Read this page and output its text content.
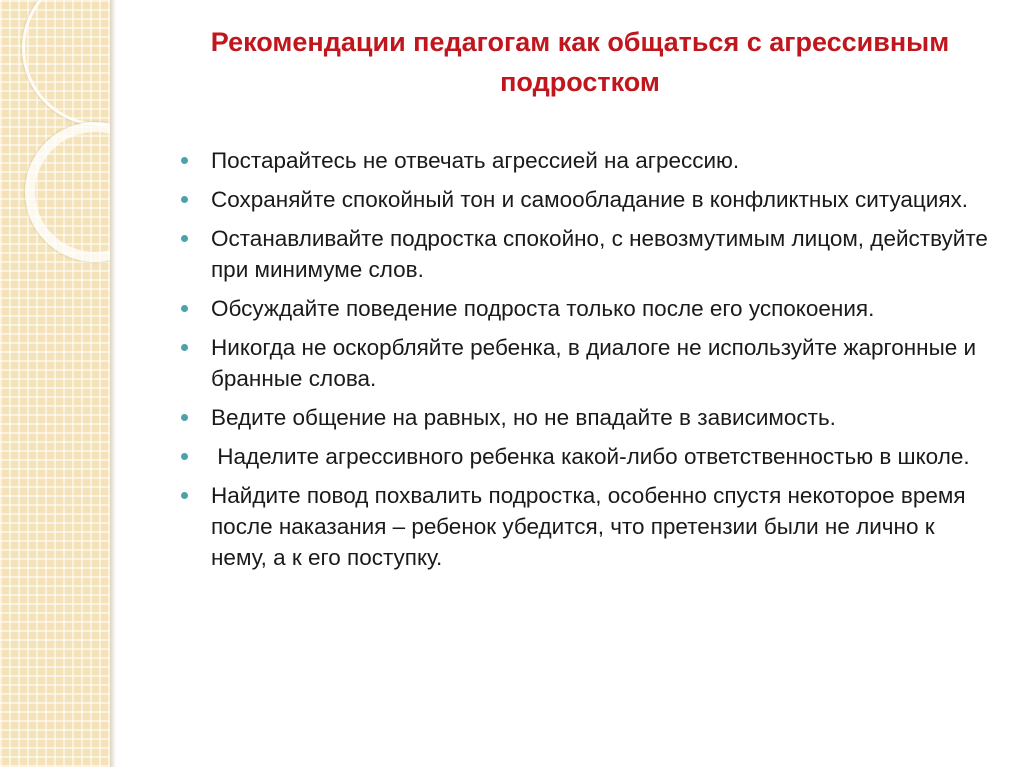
Рекомендации педагогам как общаться с агрессивным подростком
Постарайтесь не отвечать агрессией на агрессию.
Сохраняйте спокойный тон и самообладание в конфликтных ситуациях.
Останавливайте подростка спокойно, с невозмутимым лицом, действуйте при минимуме слов.
Обсуждайте поведение подроста только после его успокоения.
Никогда не оскорбляйте ребенка, в диалоге не используйте жаргонные и бранные слова.
Ведите общение на равных, но не впадайте в зависимость.
Наделите агрессивного ребенка какой-либо ответственностью в школе.
Найдите повод похвалить подростка, особенно спустя некоторое время после наказания – ребенок убедится, что претензии были не лично к нему, а к его поступку.
